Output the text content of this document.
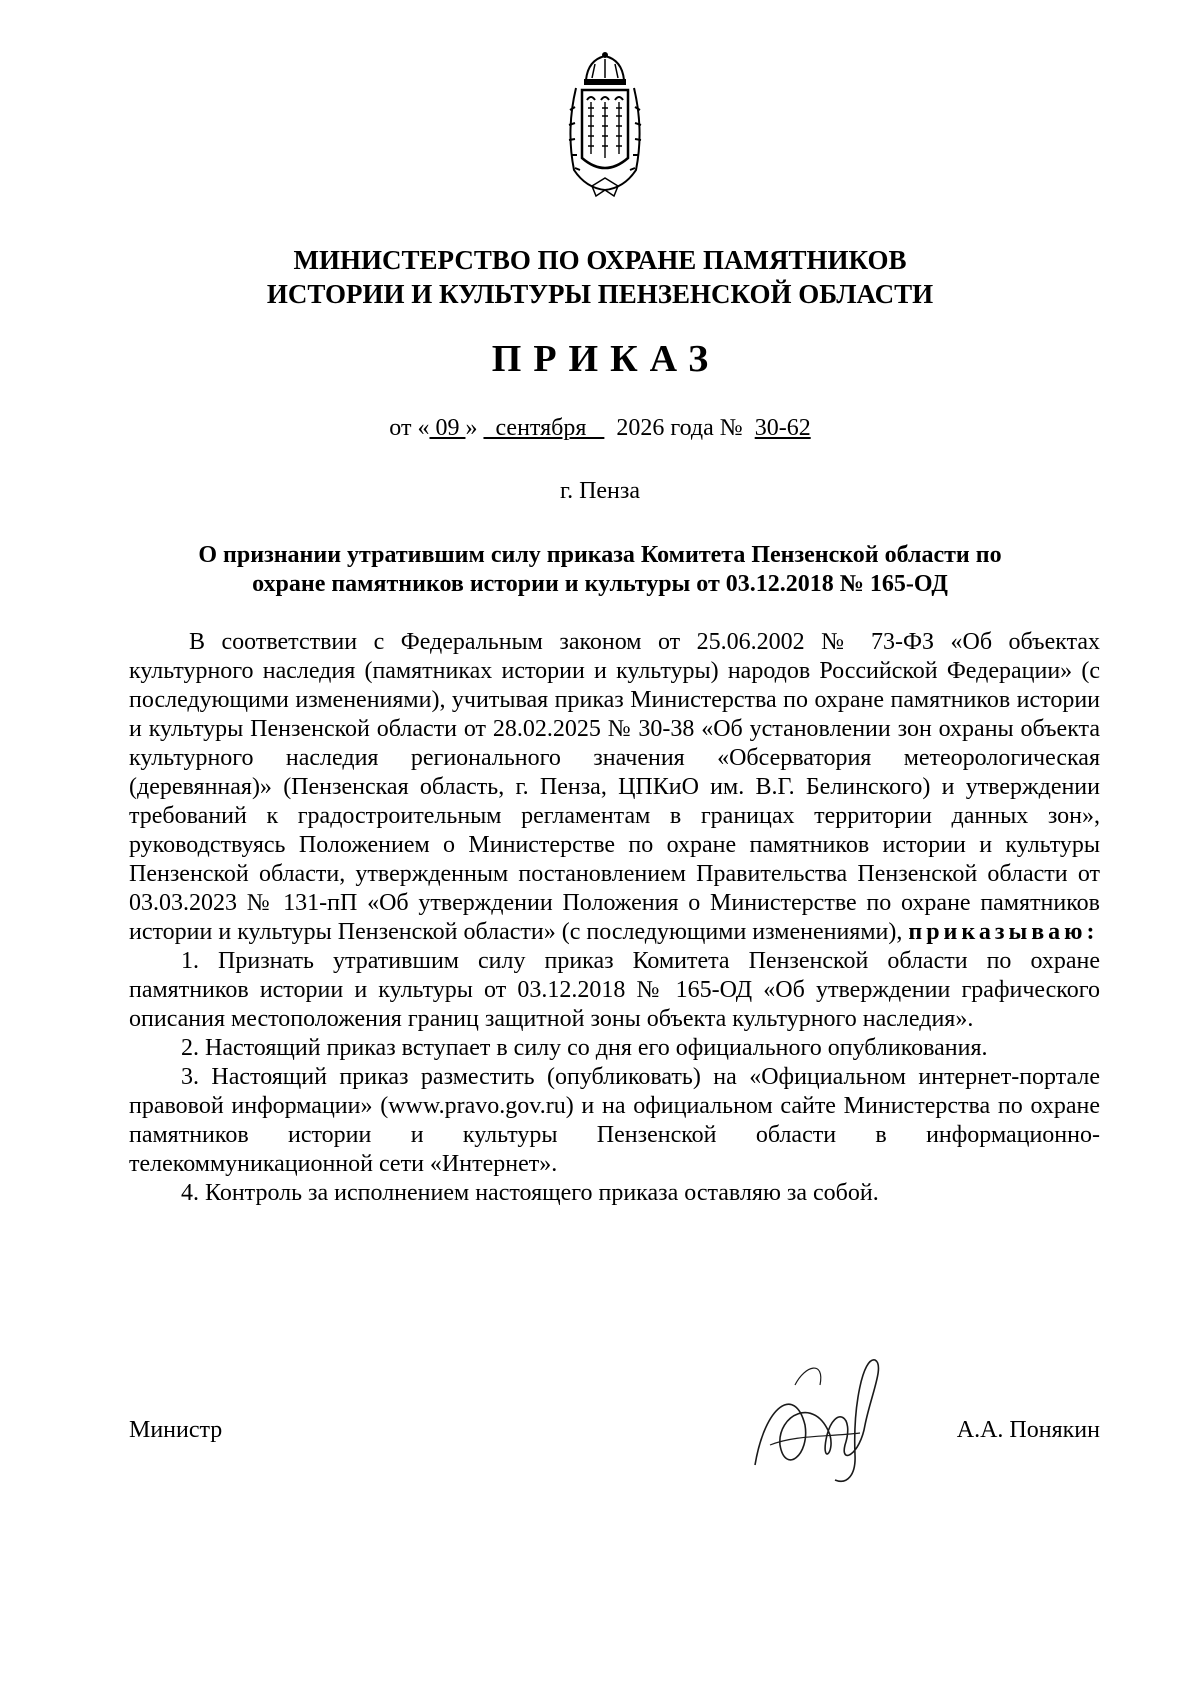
МИНИСТЕРСТВО ПО ОХРАНЕ ПАМЯТНИКОВ
ИСТОРИИ И КУЛЬТУРЫ ПЕНЗЕНСКОЙ ОБЛАСТИ
ПРИКАЗ
от « 09 »   сентября     2026 года №  30-62
г. Пенза
О признании утратившим силу приказа Комитета Пензенской области по
охране памятников истории и культуры от 03.12.2018 № 165-ОД

В соответствии с Федеральным законом от 25.06.2002 № 73-ФЗ «Об объектах культурного наследия (памятниках истории и культуры) народов Российской Федерации» (с последующими изменениями), учитывая приказ Министерства по охране памятников истории и культуры Пензенской области от 28.02.2025 № 30-38 «Об установлении зон охраны объекта культурного наследия регионального значения «Обсерватория метеорологическая (деревянная)» (Пензенская область, г. Пенза, ЦПКиО им. В.Г. Белинского) и утверждении требований к градостроительным регламентам в границах территории данных зон», руководствуясь Положением о Министерстве по охране памятников истории и культуры Пензенской области, утвержденным постановлением Правительства Пензенской области от 03.03.2023 № 131-пП «Об утверждении Положения о Министерстве по охране памятников истории и культуры Пензенской области» (с последующими изменениями), приказываю:

1. Признать утратившим силу приказ Комитета Пензенской области по охране памятников истории и культуры от 03.12.2018 № 165-ОД «Об утверждении графического описания местоположения границ защитной зоны объекта культурного наследия».

2. Настоящий приказ вступает в силу со дня его официального опубликования.

3. Настоящий приказ разместить (опубликовать) на «Официальном интернет-портале правовой информации» (www.pravo.gov.ru) и на официальном сайте Министерства по охране памятников истории и культуры Пензенской области в информационно-телекоммуникационной сети «Интернет».

4. Контроль за исполнением настоящего приказа оставляю за собой.

Министр	А.А. Понякин
